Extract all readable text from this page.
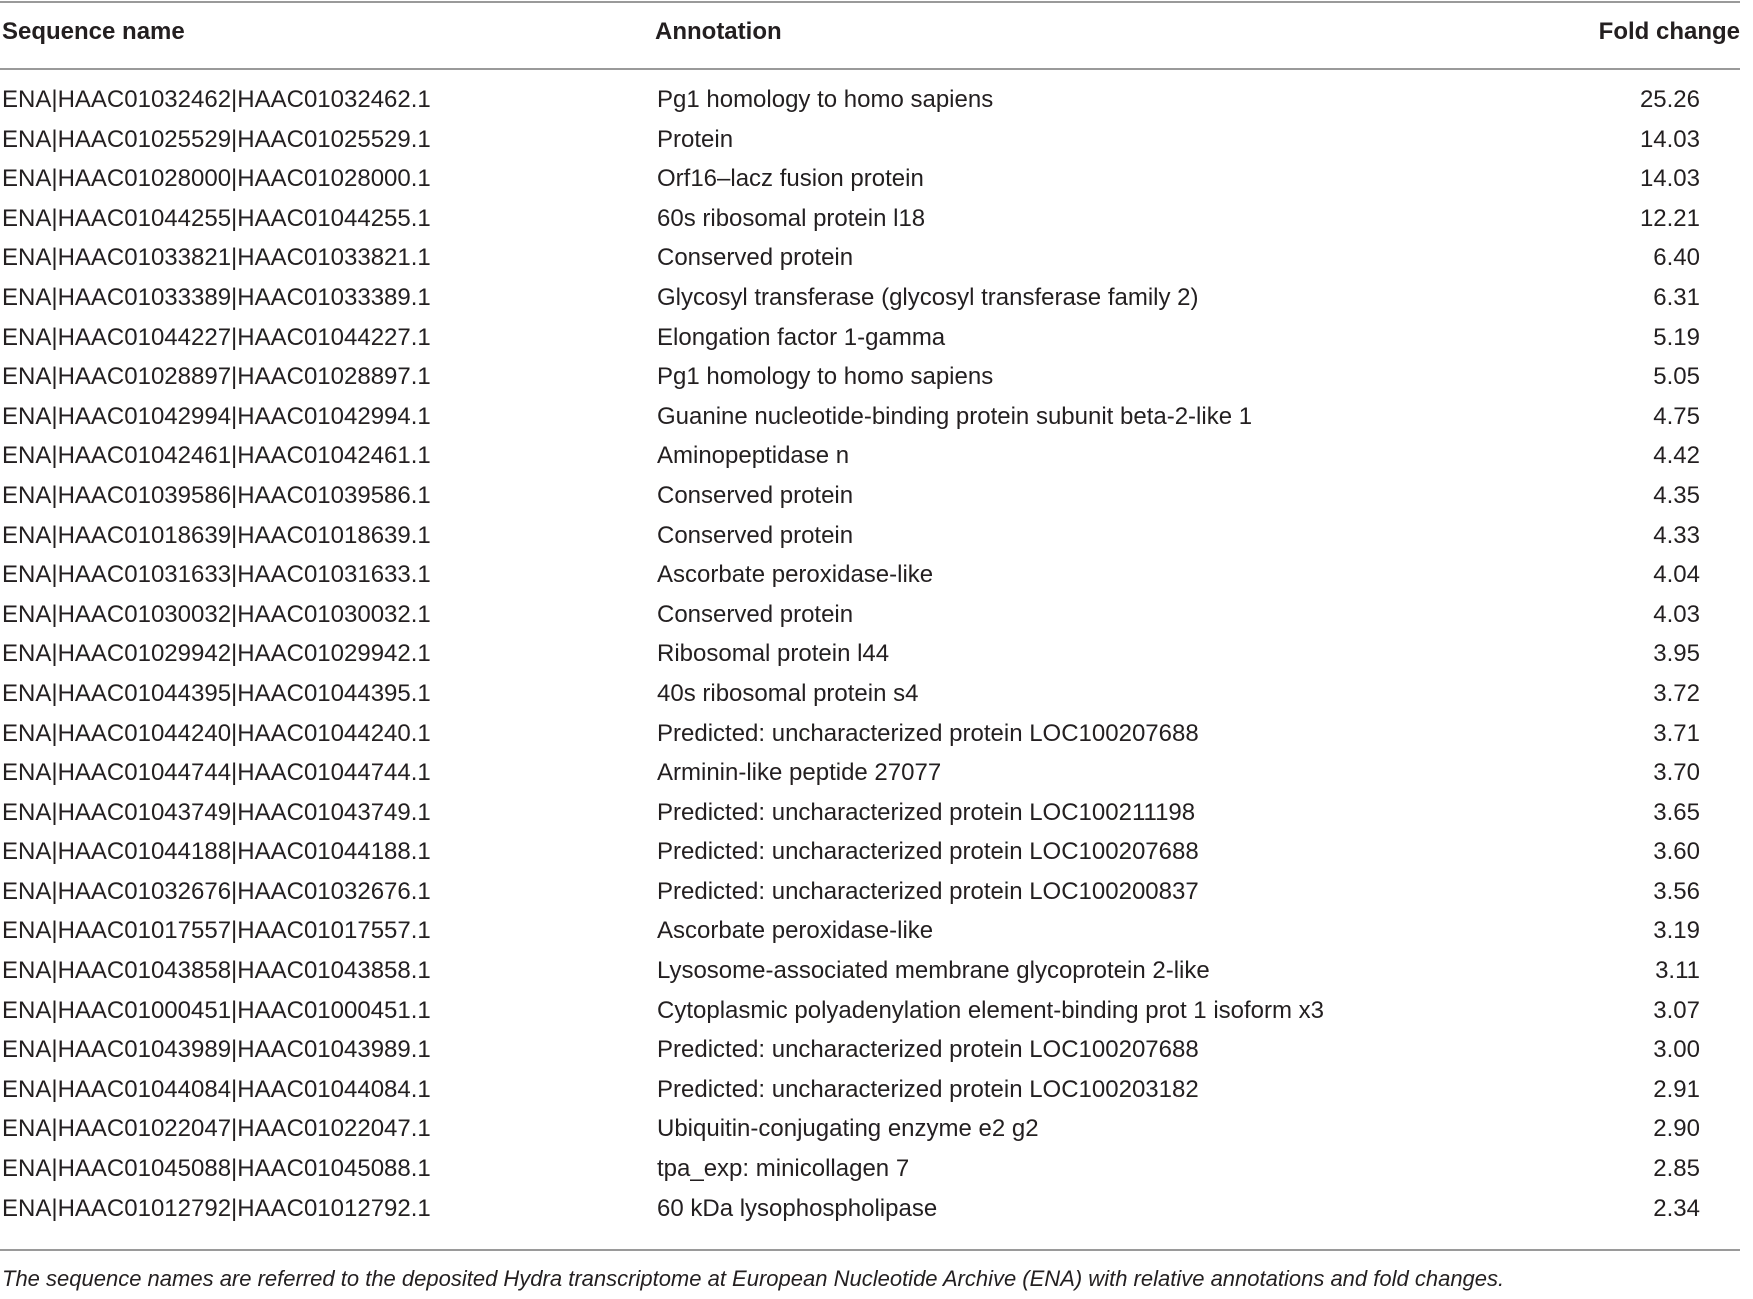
Sequence name	Annotation	Fold change
ENA|HAAC01032462|HAAC01032462.1	Pg1 homology to homo sapiens	25.26
ENA|HAAC01025529|HAAC01025529.1	Protein	14.03
ENA|HAAC01028000|HAAC01028000.1	Orf16–lacz fusion protein	14.03
ENA|HAAC01044255|HAAC01044255.1	60s ribosomal protein l18	12.21
ENA|HAAC01033821|HAAC01033821.1	Conserved protein	6.40
ENA|HAAC01033389|HAAC01033389.1	Glycosyl transferase (glycosyl transferase family 2)	6.31
ENA|HAAC01044227|HAAC01044227.1	Elongation factor 1-gamma	5.19
ENA|HAAC01028897|HAAC01028897.1	Pg1 homology to homo sapiens	5.05
ENA|HAAC01042994|HAAC01042994.1	Guanine nucleotide-binding protein subunit beta-2-like 1	4.75
ENA|HAAC01042461|HAAC01042461.1	Aminopeptidase n	4.42
ENA|HAAC01039586|HAAC01039586.1	Conserved protein	4.35
ENA|HAAC01018639|HAAC01018639.1	Conserved protein	4.33
ENA|HAAC01031633|HAAC01031633.1	Ascorbate peroxidase-like	4.04
ENA|HAAC01030032|HAAC01030032.1	Conserved protein	4.03
ENA|HAAC01029942|HAAC01029942.1	Ribosomal protein l44	3.95
ENA|HAAC01044395|HAAC01044395.1	40s ribosomal protein s4	3.72
ENA|HAAC01044240|HAAC01044240.1	Predicted: uncharacterized protein LOC100207688	3.71
ENA|HAAC01044744|HAAC01044744.1	Arminin-like peptide 27077	3.70
ENA|HAAC01043749|HAAC01043749.1	Predicted: uncharacterized protein LOC100211198	3.65
ENA|HAAC01044188|HAAC01044188.1	Predicted: uncharacterized protein LOC100207688	3.60
ENA|HAAC01032676|HAAC01032676.1	Predicted: uncharacterized protein LOC100200837	3.56
ENA|HAAC01017557|HAAC01017557.1	Ascorbate peroxidase-like	3.19
ENA|HAAC01043858|HAAC01043858.1	Lysosome-associated membrane glycoprotein 2-like	3.11
ENA|HAAC01000451|HAAC01000451.1	Cytoplasmic polyadenylation element-binding prot 1 isoform x3	3.07
ENA|HAAC01043989|HAAC01043989.1	Predicted: uncharacterized protein LOC100207688	3.00
ENA|HAAC01044084|HAAC01044084.1	Predicted: uncharacterized protein LOC100203182	2.91
ENA|HAAC01022047|HAAC01022047.1	Ubiquitin-conjugating enzyme e2 g2	2.90
ENA|HAAC01045088|HAAC01045088.1	tpa_exp: minicollagen 7	2.85
ENA|HAAC01012792|HAAC01012792.1	60 kDa lysophospholipase	2.34
The sequence names are referred to the deposited Hydra transcriptome at European Nucleotide Archive (ENA) with relative annotations and fold changes.
